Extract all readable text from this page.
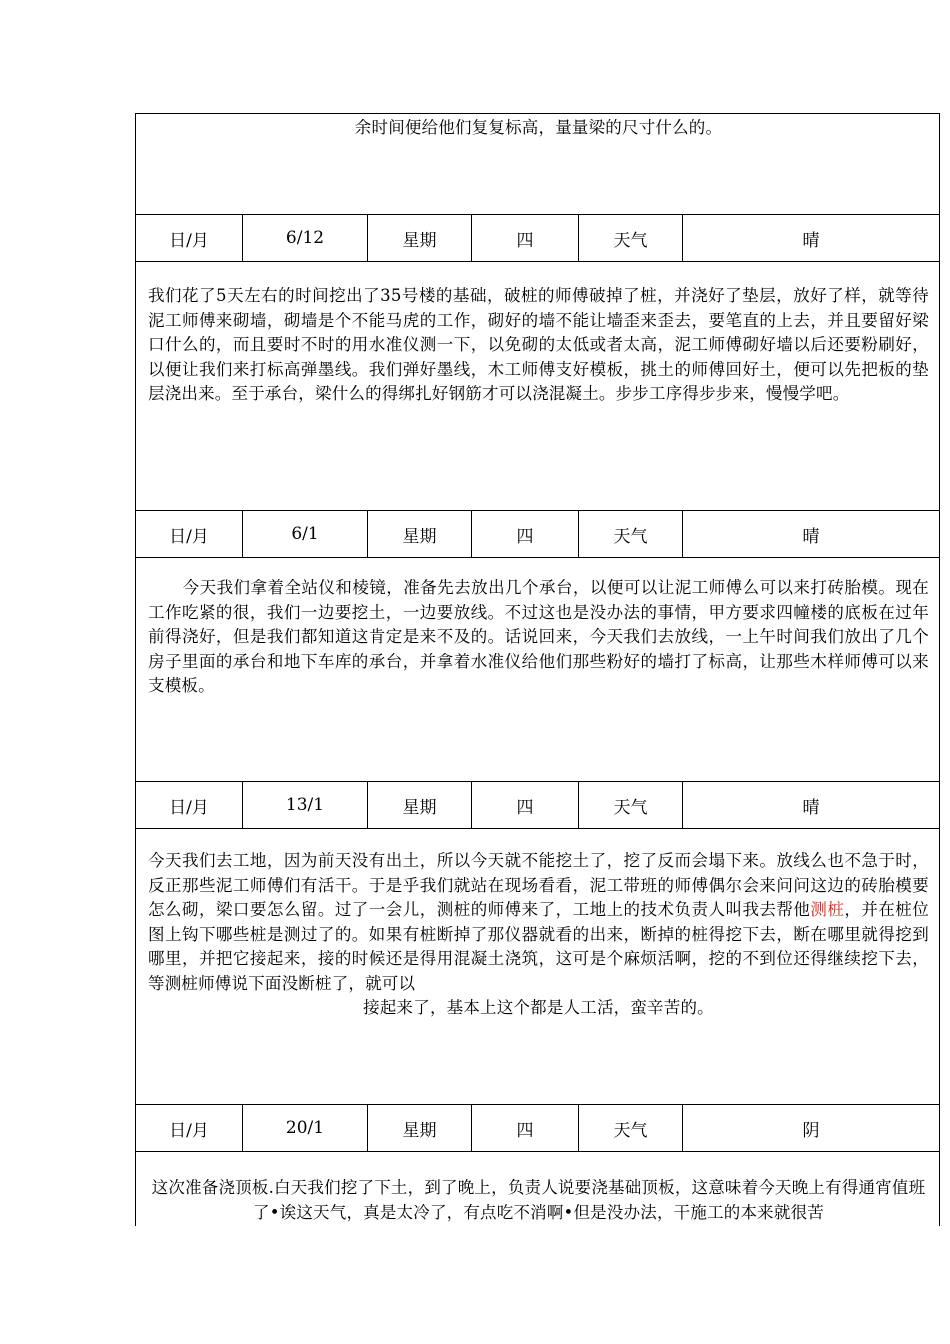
余时间便给他们复复标高，量量梁的尺寸什么的。
日/月	6/12	星期	四	天气	晴
我们花了5天左右的时间挖出了35号楼的基础，破桩的师傅破掉了桩，并浇好了垫层，放好了样，就等待泥工师傅来砌墙，砌墙是个不能马虎的工作，砌好的墙不能让墙歪来歪去，要笔直的上去，并且要留好梁口什么的，而且要时不时的用水准仪测一下，以免砌的太低或者太高，泥工师傅砌好墙以后还要粉刷好，以便让我们来打标高弹墨线。我们弹好墨线，木工师傅支好模板，挑土的师傅回好土，便可以先把板的垫层浇出来。至于承台，梁什么的得绑扎好钢筋才可以浇混凝土。步步工序得步步来，慢慢学吧。
日/月	6/1	星期	四	天气	晴
今天我们拿着全站仪和棱镜，准备先去放出几个承台，以便可以让泥工师傅么可以来打砖胎模。现在工作吃紧的很，我们一边要挖土，一边要放线。不过这也是没办法的事情，甲方要求四幢楼的底板在过年前得浇好，但是我们都知道这肯定是来不及的。话说回来，今天我们去放线，一上午时间我们放出了几个房子里面的承台和地下车库的承台，并拿着水准仪给他们那些粉好的墙打了标高，让那些木样师傅可以来支模板。
日/月	13/1	星期	四	天气	晴
今天我们去工地，因为前天没有出土，所以今天就不能挖土了，挖了反而会塌下来。放线么也不急于时，反正那些泥工师傅们有活干。于是乎我们就站在现场看看，泥工带班的师傅偶尔会来问问这边的砖胎模要怎么砌，梁口要怎么留。过了一会儿，测桩的师傅来了，工地上的技术负责人叫我去帮他测桩，并在桩位图上钩下哪些桩是测过了的。如果有桩断掉了那仪器就看的出来，断掉的桩得挖下去，断在哪里就得挖到哪里，并把它接起来，接的时候还是得用混凝土浇筑，这可是个麻烦活啊，挖的不到位还得继续挖下去，等测桩师傅说下面没断桩了，就可以
接起来了，基本上这个都是人工活，蛮辛苦的。
日/月	20/1	星期	四	天气	阴
这次准备浇顶板.白天我们挖了下土，到了晚上，负责人说要浇基础顶板，这意味着今天晚上有得通宵值班了•诶这天气，真是太冷了，有点吃不消啊•但是没办法，干施工的本来就很苦
